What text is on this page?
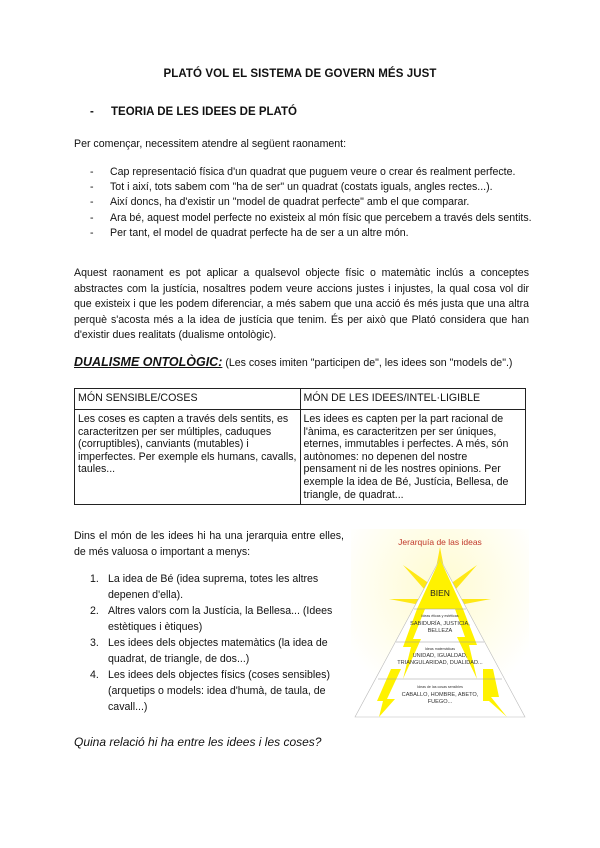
PLATÓ VOL EL SISTEMA DE GOVERN MÉS JUST
- TEORIA DE LES IDEES DE PLATÓ
Per començar, necessitem atendre al següent raonament:
- Cap representació física d'un quadrat que puguem veure o crear és realment perfecte.
- Tot i així, tots sabem com "ha de ser" un quadrat (costats iguals, angles rectes...).
- Així doncs, ha d'existir un "model de quadrat perfecte" amb el que comparar.
- Ara bé, aquest model perfecte no existeix al món físic que percebem a través dels sentits.
- Per tant, el model de quadrat perfecte ha de ser a un altre món.
Aquest raonament es pot aplicar a qualsevol objecte físic o matemàtic inclús a conceptes abstractes com la justícia, nosaltres podem veure accions justes i injustes, la qual cosa vol dir que existeix i que les podem diferenciar, a més sabem que una acció és més justa que una altra perquè s'acosta més a la idea de justícia que tenim. És per això que Plató considera que han d'existir dues realitats (dualisme ontològic).
DUALISME ONTOLÒGIC: (Les coses imiten "participen de", les idees son "models de".)
MÓN SENSIBLE/COSES	MÓN DE LES IDEES/INTEL·LIGIBLE
Les coses es capten a través dels sentits, es caracteritzen per ser múltiples, caduques (corruptibles), canviants (mutables) i imperfectes. Per exemple els humans, cavalls, taules...	Les idees es capten per la part racional de l'ànima, es caracteritzen per ser úniques, eternes, immutables i perfectes. A més, són autònomes: no depenen del nostre pensament ni de les nostres opinions. Per exemple la idea de Bé, Justícia, Bellesa, de triangle, de quadrat...
Dins el món de les idees hi ha una jerarquia entre elles, de més valuosa o important a menys:
1. La idea de Bé (idea suprema, totes les altres depenen d'ella).
2. Altres valors com la Justícia, la Bellesa... (Idees estètiques i ètiques)
3. Les idees dels objectes matemàtics (la idea de quadrat, de triangle, de dos...)
4. Les idees dels objectes físics (coses sensibles) (arquetips o models: idea d'humà, de taula, de cavall...)
Jerarquía de las ideas
BIEN
Ideas éticas y estéticas
SABIDURÍA, JUSTICIA,
BELLEZA
Ideas matemáticas
UNIDAD, IGUALDAD,
TRIANGULARIDAD, DUALIDAD...
Ideas de las cosas sensibles
CABALLO, HOMBRE, ABETO,
FUEGO...
Quina relació hi ha entre les idees i les coses?
